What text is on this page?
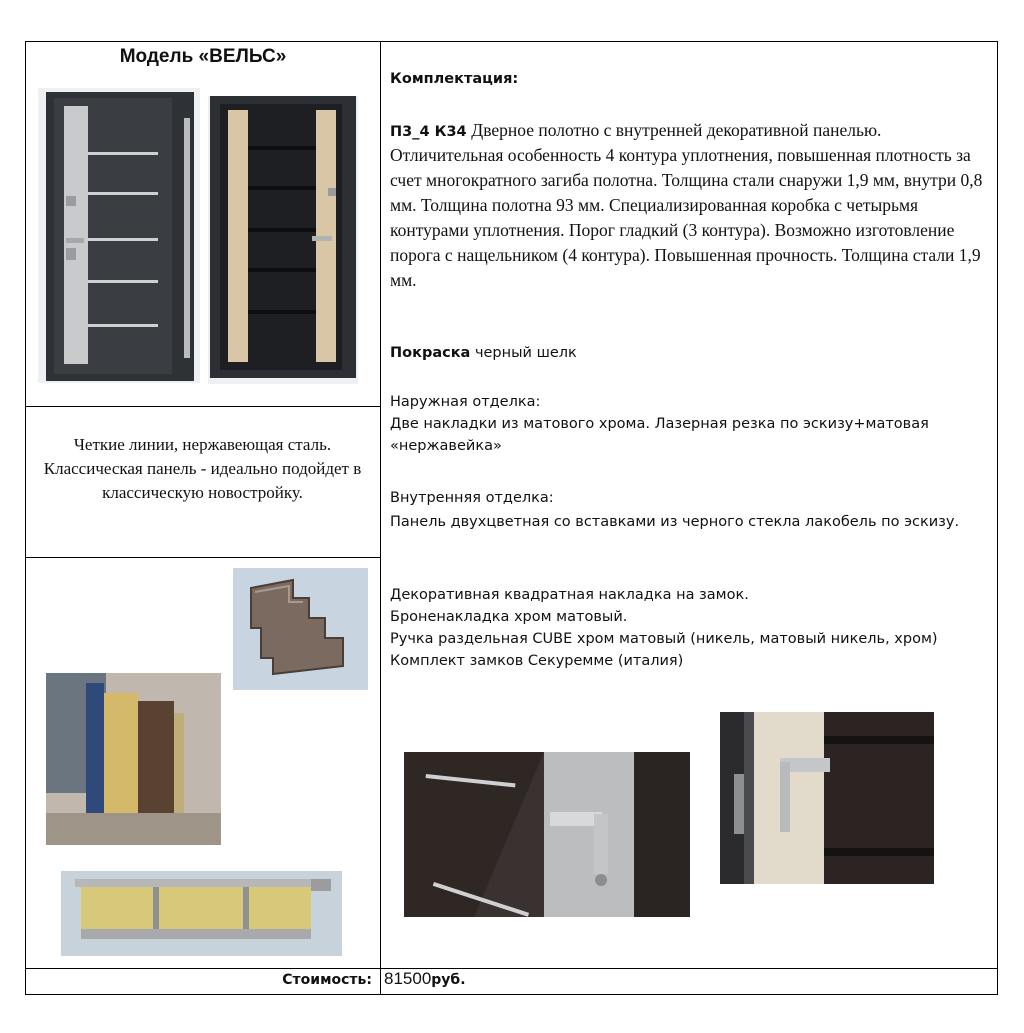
Модель «ВЕЛЬС»
Четкие линии, нержавеющая сталь. Классическая панель - идеально подойдет в классическую новостройку.
Комплектация:
П3_4 К34 Дверное полотно с внутренней декоративной панелью. Отличительная особенность 4 контура уплотнения, повышенная плотность за счет многократного загиба полотна. Толщина стали снаружи 1,9 мм, внутри 0,8 мм. Толщина полотна 93 мм. Специализированная коробка с четырьмя контурами уплотнения. Порог гладкий (3 контура). Возможно изготовление порога с нащельником (4 контура). Повышенная прочность. Толщина стали 1,9 мм.
Покраска черный шелк
Наружная отделка:
Две накладки из матового хрома. Лазерная резка по эскизу+матовая «нержавейка»
Внутренняя отделка:
Панель двухцветная со вставками из черного стекла лакобель по эскизу.
Декоративная квадратная накладка на замок.
Броненакладка хром матовый.
Ручка раздельная CUBE хром матовый (никель, матовый никель, хром)
Комплект замков Секуремме (италия)
Стоимость: 81500руб.
